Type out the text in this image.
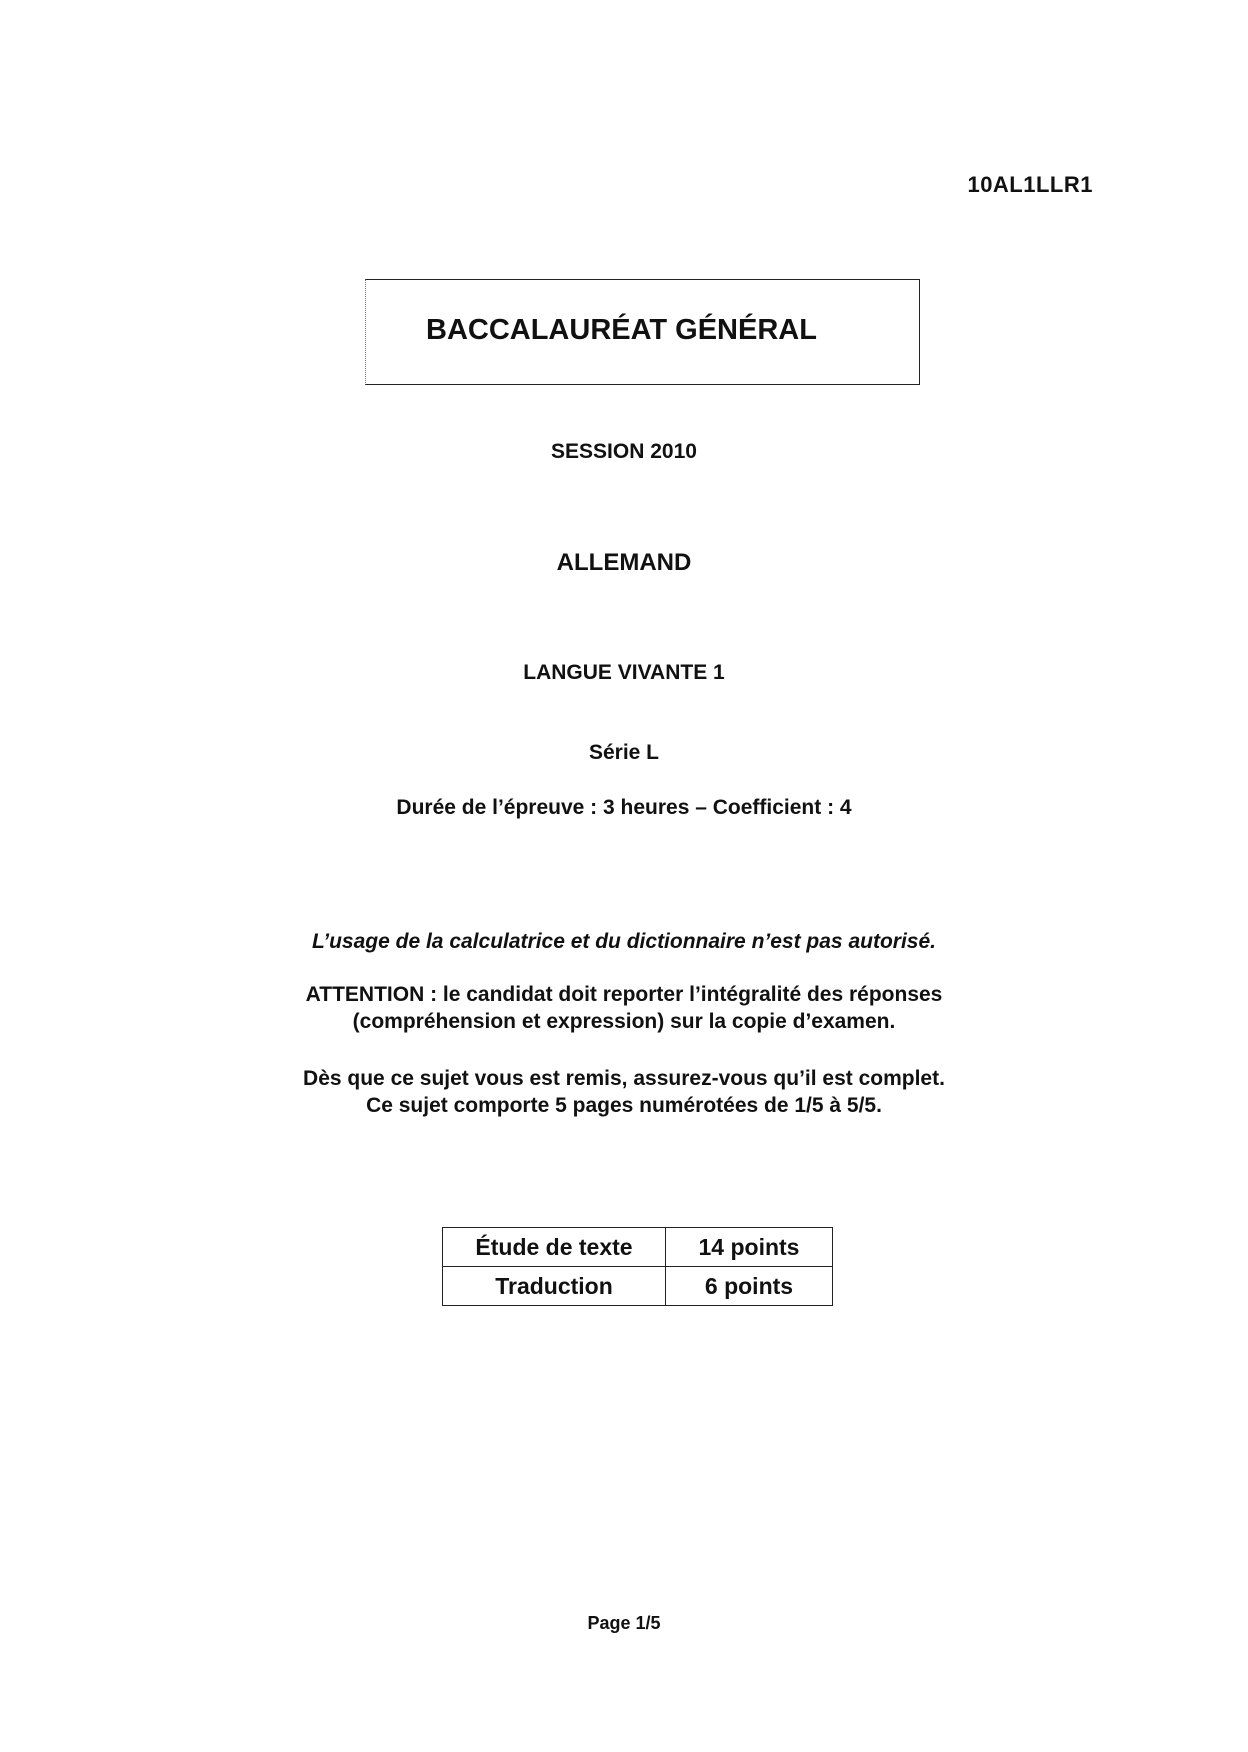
10AL1LLR1
BACCALAURÉAT GÉNÉRAL
SESSION 2010
ALLEMAND
LANGUE VIVANTE 1
Série L
Durée de l’épreuve : 3 heures – Coefficient : 4
L’usage de la calculatrice et du dictionnaire n’est pas autorisé.
ATTENTION : le candidat doit reporter l’intégralité des réponses
(compréhension et expression) sur la copie d’examen.
Dès que ce sujet vous est remis, assurez-vous qu’il est complet.
Ce sujet comporte 5 pages numérotées de 1/5 à 5/5.
Étude de texte	14 points
Traduction	6 points
Page 1/5
